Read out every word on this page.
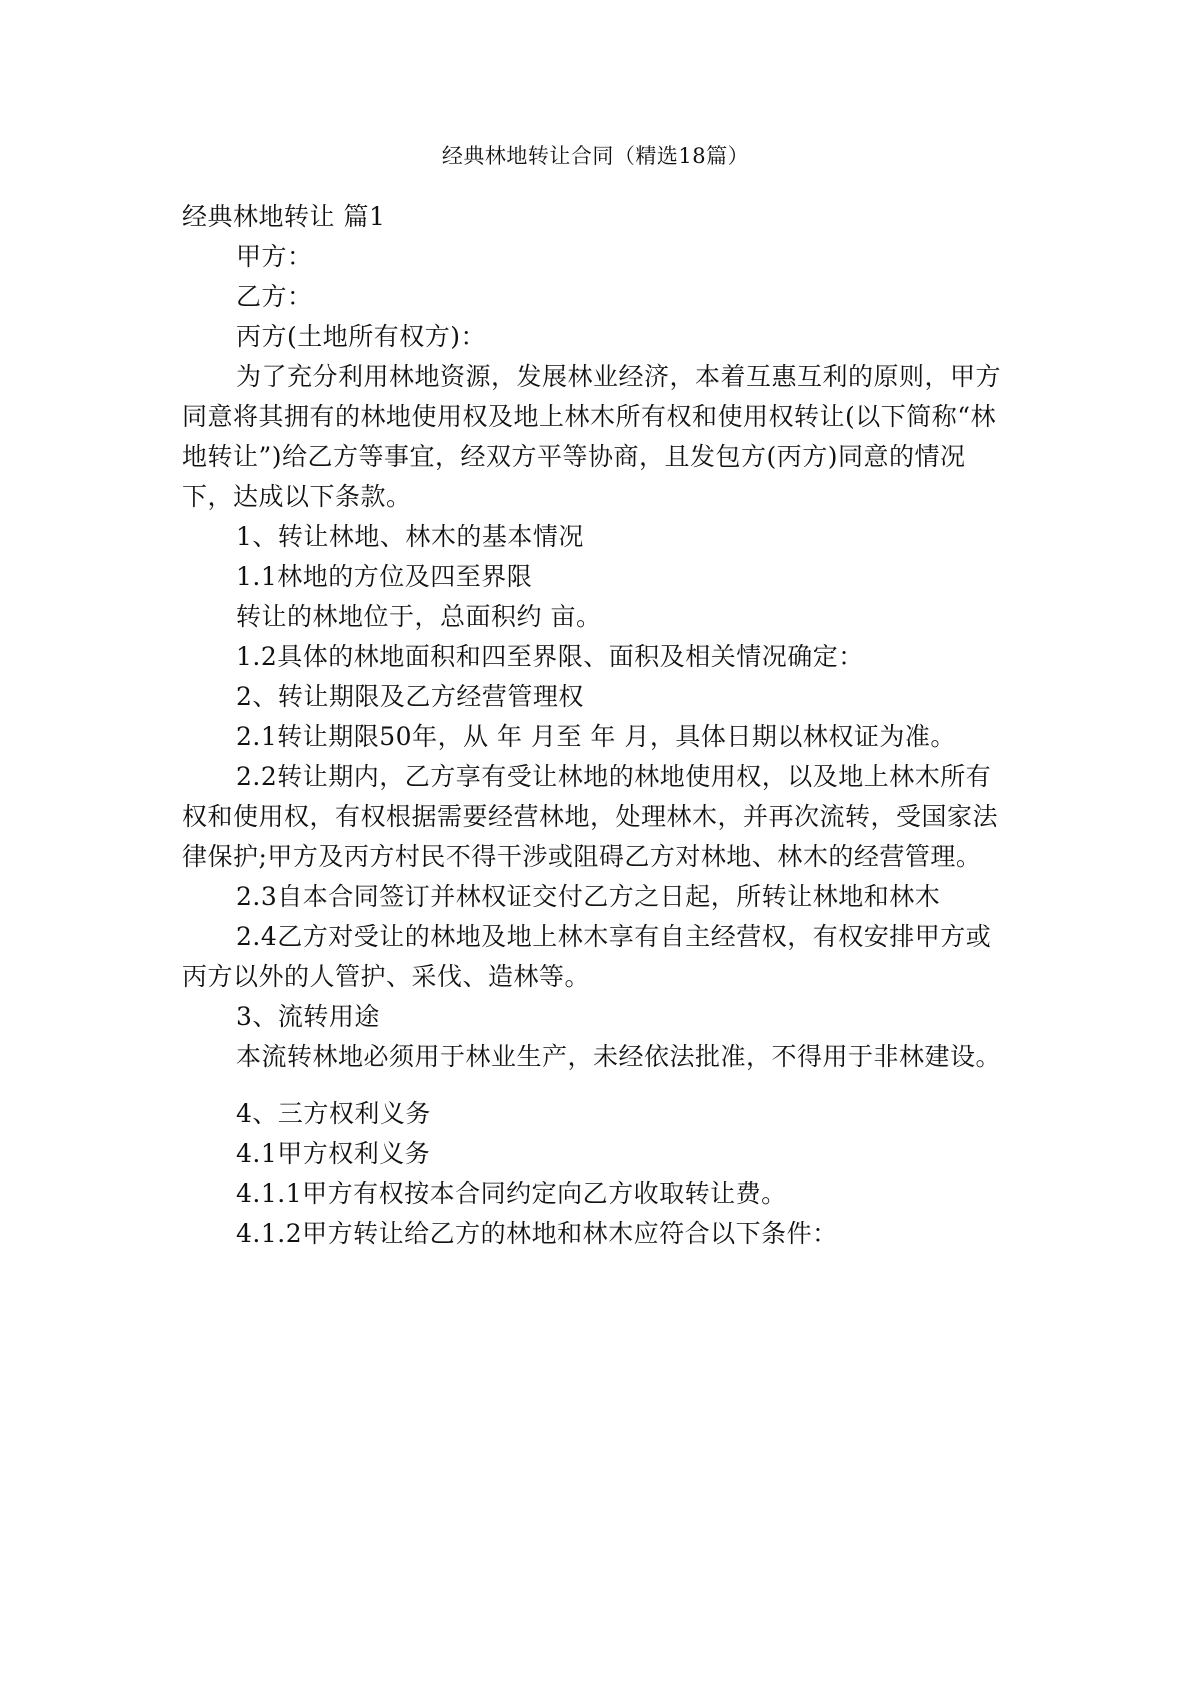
经典林地转让合同（精选18篇）

经典林地转让 篇1

甲方：

乙方：

丙方(土地所有权方)：

为了充分利用林地资源，发展林业经济，本着互惠互利的原则，甲方同意将其拥有的林地使用权及地上林木所有权和使用权转让(以下简称“林地转让”)给乙方等事宜，经双方平等协商，且发包方(丙方)同意的情况下，达成以下条款。

1、转让林地、林木的基本情况

1.1林地的方位及四至界限

转让的林地位于，总面积约 亩。

1.2具体的林地面积和四至界限、面积及相关情况确定：

2、转让期限及乙方经营管理权

2.1转让期限50年，从 年 月至 年 月，具体日期以林权证为准。

2.2转让期内，乙方享有受让林地的林地使用权，以及地上林木所有权和使用权，有权根据需要经营林地，处理林木，并再次流转，受国家法律保护;甲方及丙方村民不得干涉或阻碍乙方对林地、林木的经营管理。

2.3自本合同签订并林权证交付乙方之日起，所转让林地和林木

2.4乙方对受让的林地及地上林木享有自主经营权，有权安排甲方或丙方以外的人管护、采伐、造林等。

3、流转用途

本流转林地必须用于林业生产，未经依法批准，不得用于非林建设。

4、三方权利义务

4.1甲方权利义务

4.1.1甲方有权按本合同约定向乙方收取转让费。

4.1.2甲方转让给乙方的林地和林木应符合以下条件：
